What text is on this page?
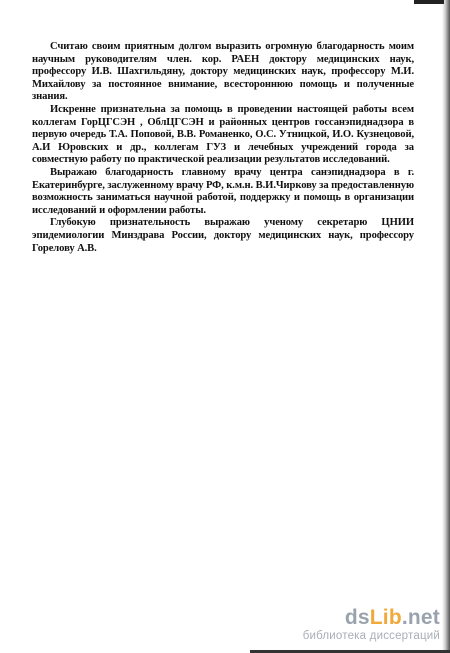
Считаю своим приятным долгом выразить огромную благодарность моим научным руководителям член. кор. РАЕН доктору медицинских наук, профессору И.В. Шахгильдяну, доктору медицинских наук, профессору М.И. Михайлову за постоянное внимание, всестороннюю помощь и полученные знания.

Искренне признательна за помощь в проведении настоящей работы всем коллегам ГорЦГСЭН , ОблЦГСЭН и районных центров госсанэпиднадзора в первую очередь Т.А. Поповой, В.В. Романенко, О.С. Утницкой, И.О. Кузнецовой, А.И Юровских и др., коллегам ГУЗ и лечебных учреждений города за совместную работу по практической реализации результатов исследований.

Выражаю благодарность главному врачу центра санэпиднадзора в г. Екатеринбурге, заслуженному врачу РФ, к.м.н. В.И.Чиркову за предоставленную возможность заниматься научной работой, поддержку и помощь в организации исследований и оформлении работы.

Глубокую признательность выражаю ученому секретарю ЦНИИ эпидемиологии Минздрава России, доктору медицинских наук, профессору Горелову А.В.

dsLib.net
библиотека диссертаций
